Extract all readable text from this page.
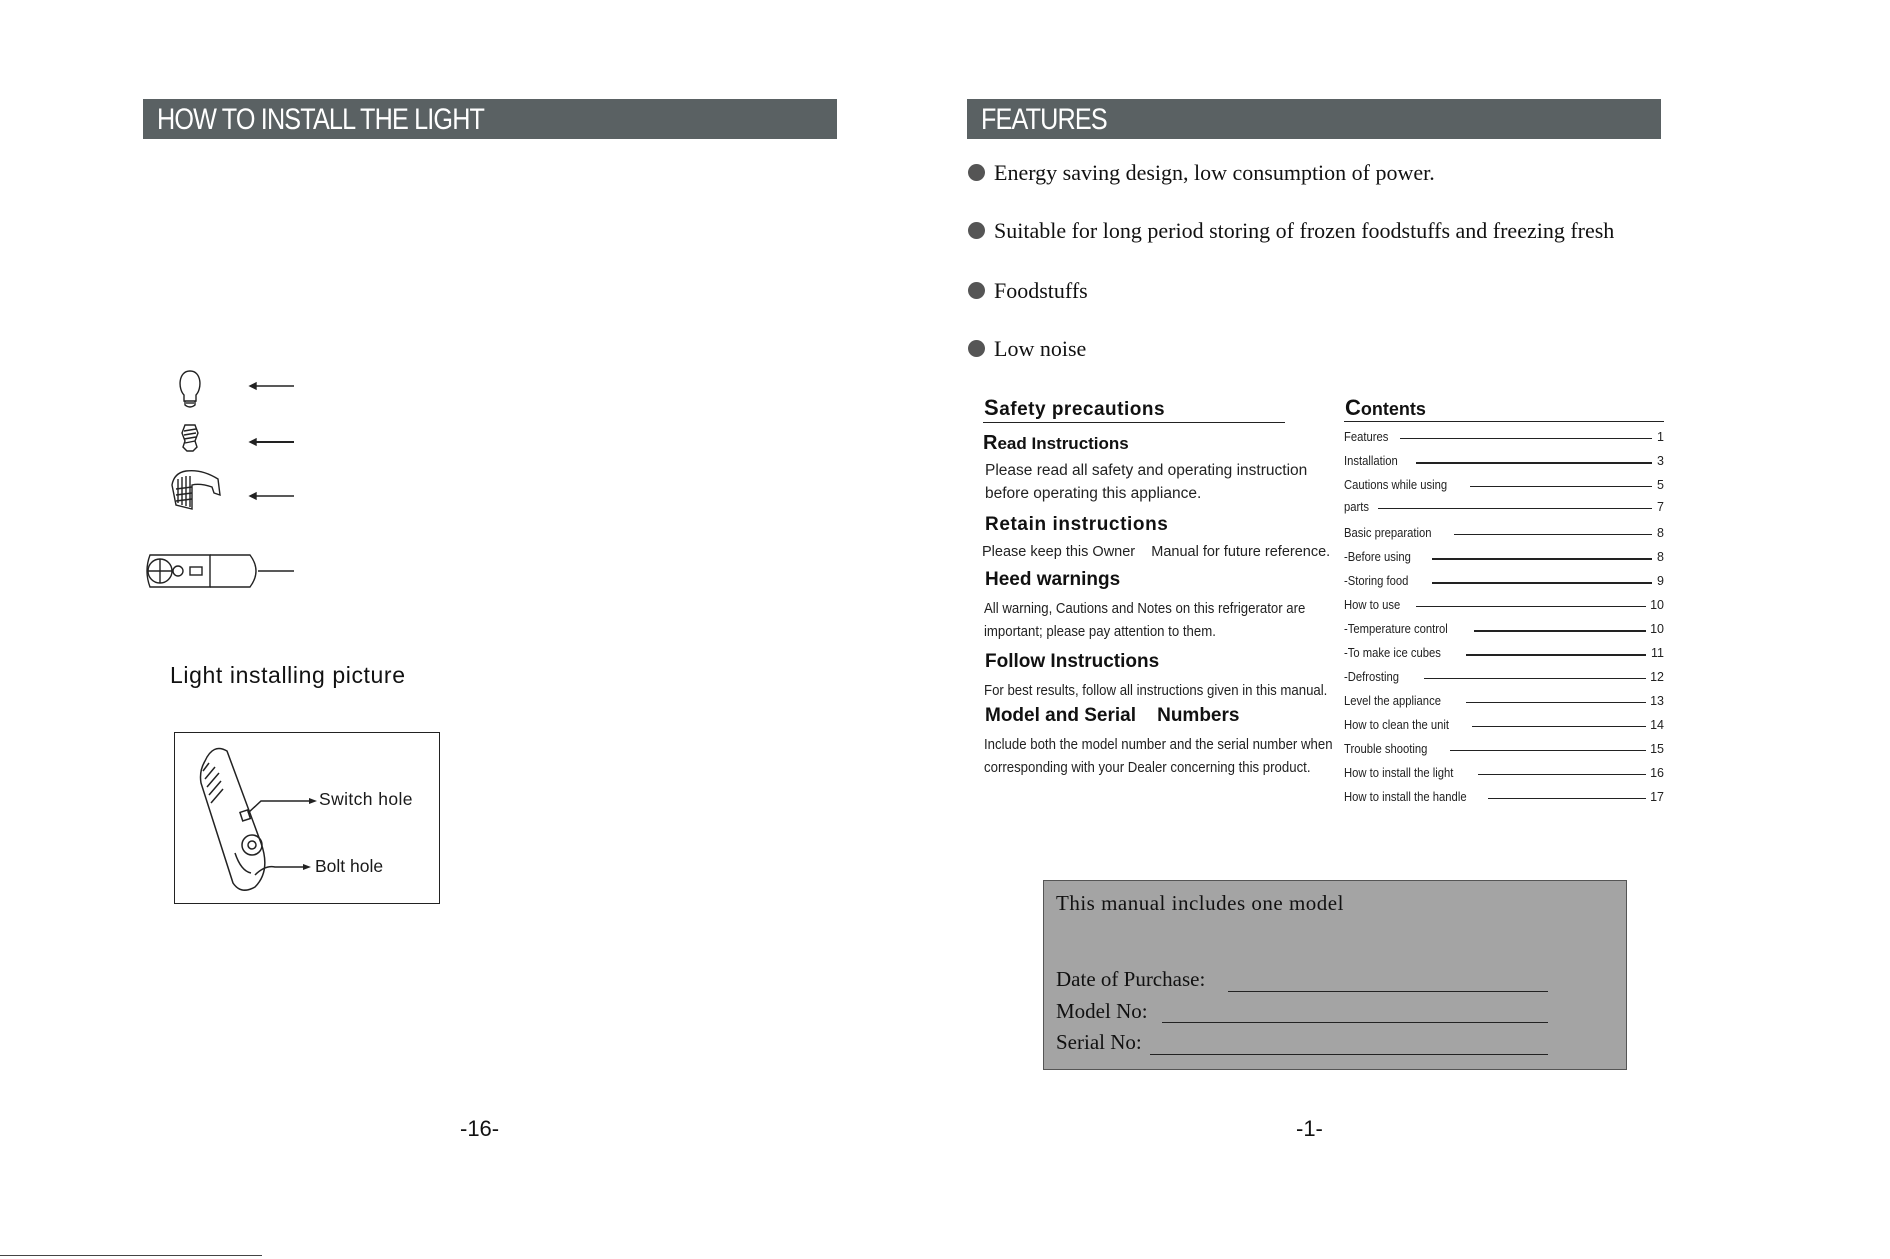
HOW TO INSTALL THE LIGHT
Light installing picture
Switch hole
Bolt hole
-16-
FEATURES
Energy saving design, low consumption of power.
Suitable for long period storing of frozen foodstuffs and freezing fresh
Foodstuffs
Low noise
Safety precautions
Read Instructions
Please read all safety and operating instruction
before operating this appliance.
Retain instructions
Please keep this Owner    Manual for future reference.
Heed warnings
All warning, Cautions and Notes on this refrigerator are
important; please pay attention to them.
Follow Instructions
For best results, follow all instructions given in this manual.
Model and Serial    Numbers
Include both the model number and the serial number when
corresponding with your Dealer concerning this product.
Contents
Features	1
Installation	3
Cautions while using	5
parts	7
Basic preparation	8
-Before using	8
-Storing food	9
How to use	10
-Temperature control	10
-To make ice cubes	11
-Defrosting	12
Level the appliance	13
How to clean the unit	14
Trouble shooting	15
How to install the light	16
How to install the handle	17
This manual includes one model
Date of Purchase:
Model No:
Serial No:
-1-
